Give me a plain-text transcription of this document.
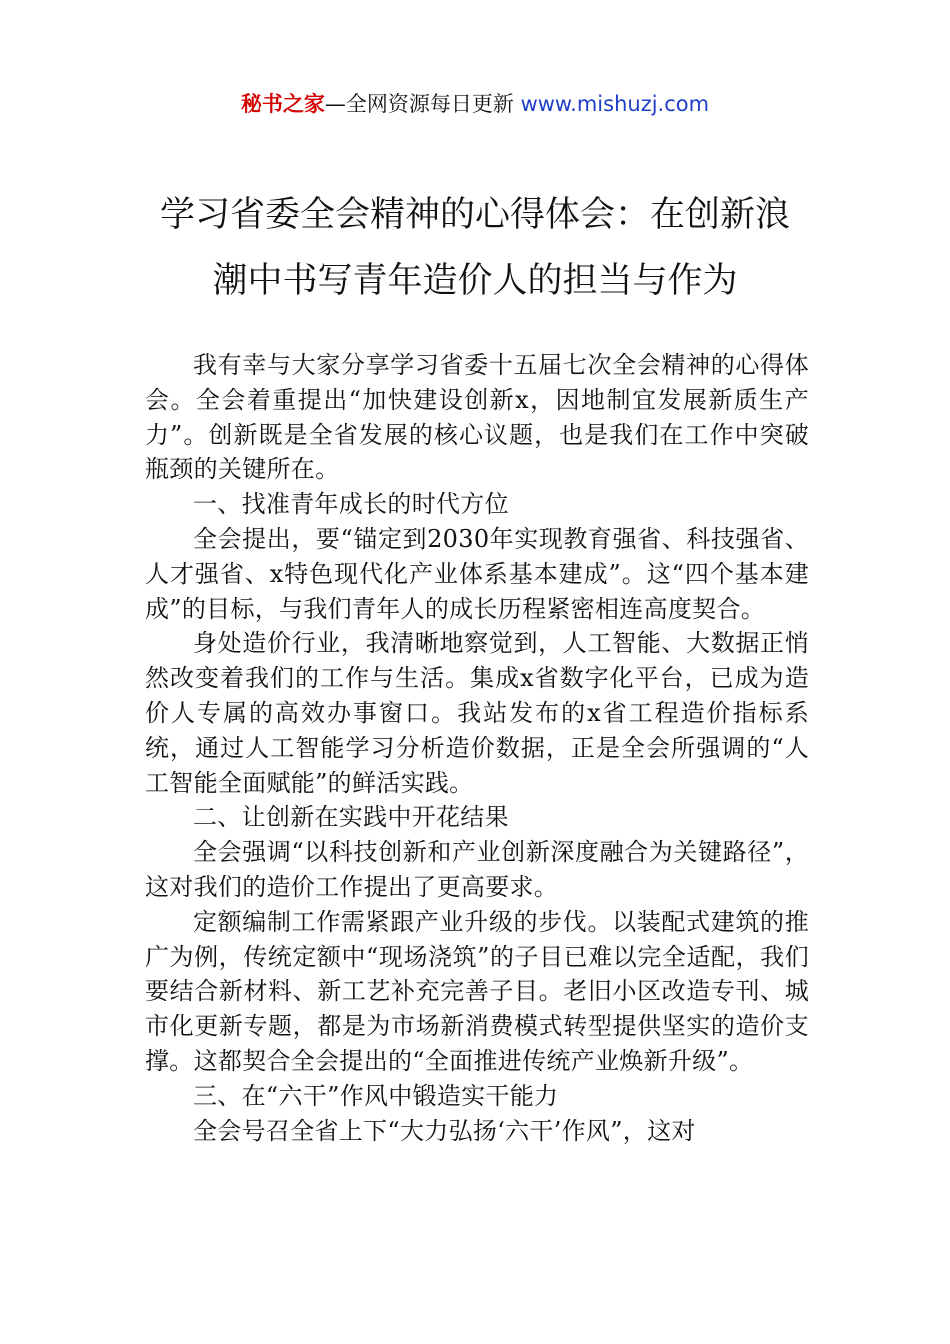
秘书之家—全网资源每日更新 www.mishuzj.com
学习省委全会精神的心得体会：在创新浪
潮中书写青年造价人的担当与作为

我有幸与大家分享学习省委十五届七次全会精神的心得体会。全会着重提出“加快建设创新x，因地制宜发展新质生产力”。创新既是全省发展的核心议题，也是我们在工作中突破瓶颈的关键所在。

一、找准青年成长的时代方位

全会提出，要“锚定到2030年实现教育强省、科技强省、人才强省、x特色现代化产业体系基本建成”。这“四个基本建成”的目标，与我们青年人的成长历程紧密相连高度契合。

身处造价行业，我清晰地察觉到，人工智能、大数据正悄然改变着我们的工作与生活。集成x省数字化平台，已成为造价人专属的高效办事窗口。我站发布的x省工程造价指标系统，通过人工智能学习分析造价数据，正是全会所强调的“人工智能全面赋能”的鲜活实践。

二、让创新在实践中开花结果

全会强调“以科技创新和产业创新深度融合为关键路径”，这对我们的造价工作提出了更高要求。

定额编制工作需紧跟产业升级的步伐。以装配式建筑的推广为例，传统定额中“现场浇筑”的子目已难以完全适配，我们要结合新材料、新工艺补充完善子目。老旧小区改造专刊、城市化更新专题，都是为市场新消费模式转型提供坚实的造价支撑。这都契合全会提出的“全面推进传统产业焕新升级”。

三、在“六干”作风中锻造实干能力

全会号召全省上下“大力弘扬‘六干’作风”，这对
